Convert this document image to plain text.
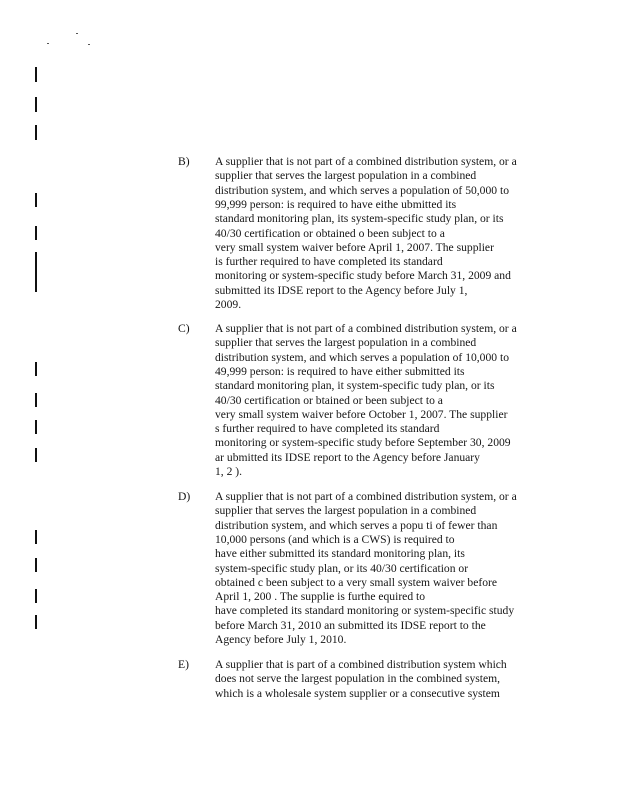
B) A supplier that is not part of a combined distribution system, or a
supplier that serves the largest population in a combined
distribution system, and which serves a population of 50,000 to
99,999 person: is required to have eithe ubmitted its
standard monitoring plan, its system-specific study plan, or its
40/30 certification or obtained o been subject to a
very small system waiver before April 1, 2007. The supplier
is further required to have completed its standard
monitoring or system-specific study before March 31, 2009 and
submitted its IDSE report to the Agency before July 1,
2009.
C) A supplier that is not part of a combined distribution system, or a
supplier that serves the largest population in a combined
distribution system, and which serves a population of 10,000 to
49,999 person: is required to have either submitted its
standard monitoring plan, it system-specific tudy plan, or its
40/30 certification or btained or been subject to a
very small system waiver before October 1, 2007. The supplier
s further required to have completed its standard
monitoring or system-specific study before September 30, 2009
ar ubmitted its IDSE report to the Agency before January
1, 2 ).
D) A supplier that is not part of a combined distribution system, or a
supplier that serves the largest population in a combined
distribution system, and which serves a popu ti of fewer than
10,000 persons (and which is a CWS) is required to
have either submitted its standard monitoring plan, its
system-specific study plan, or its 40/30 certification or
obtained c been subject to a very small system waiver before
April 1, 200 . The supplie is furthe equired to
have completed its standard monitoring or system-specific study
before March 31, 2010 an submitted its IDSE report to the
Agency before July 1, 2010.
E) A supplier that is part of a combined distribution system which
does not serve the largest population in the combined system,
which is a wholesale system supplier or a consecutive system
